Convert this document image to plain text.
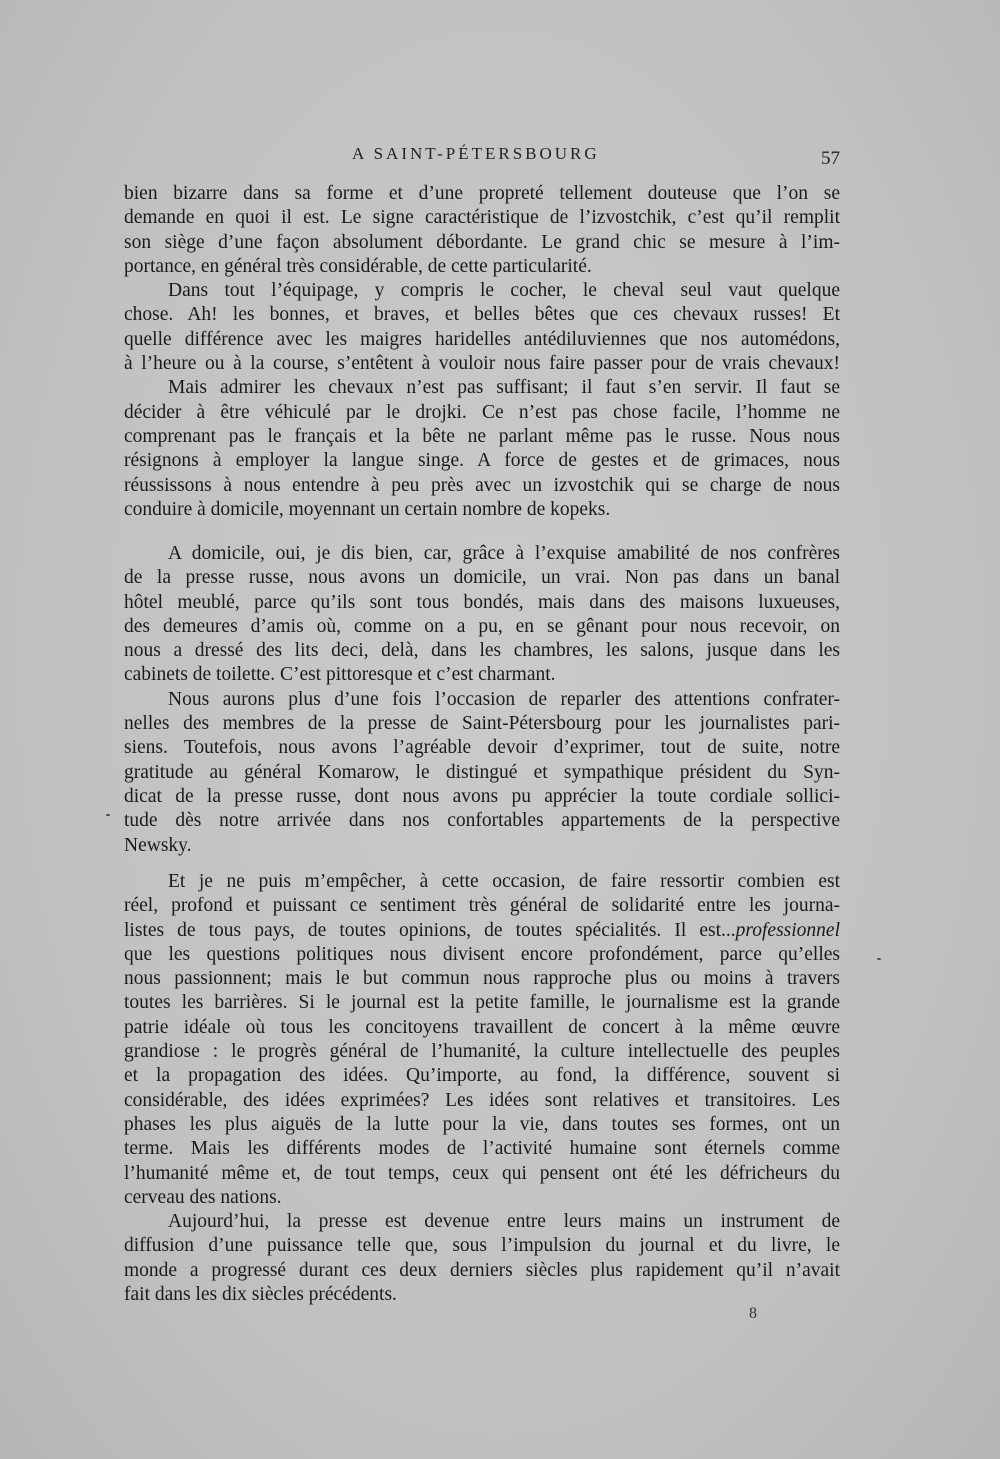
A SAINT-PÉTERSBOURG	57
bien bizarre dans sa forme et d’une propreté tellement douteuse que l’on se
demande en quoi il est. Le signe caractéristique de l’izvostchik, c’est qu’il remplit
son siège d’une façon absolument débordante. Le grand chic se mesure à l’im-
portance, en général très considérable, de cette particularité.
Dans tout l’équipage, y compris le cocher, le cheval seul vaut quelque
chose. Ah! les bonnes, et braves, et belles bêtes que ces chevaux russes! Et
quelle différence avec les maigres haridelles antédiluviennes que nos automédons,
à l’heure ou à la course, s’entêtent à vouloir nous faire passer pour de vrais chevaux!
Mais admirer les chevaux n’est pas suffisant; il faut s’en servir. Il faut se
décider à être véhiculé par le drojki. Ce n’est pas chose facile, l’homme ne
comprenant pas le français et la bête ne parlant même pas le russe. Nous nous
résignons à employer la langue singe. A force de gestes et de grimaces, nous
réussissons à nous entendre à peu près avec un izvostchik qui se charge de nous
conduire à domicile, moyennant un certain nombre de kopeks.
A domicile, oui, je dis bien, car, grâce à l’exquise amabilité de nos confrères
de la presse russe, nous avons un domicile, un vrai. Non pas dans un banal
hôtel meublé, parce qu’ils sont tous bondés, mais dans des maisons luxueuses,
des demeures d’amis où, comme on a pu, en se gênant pour nous recevoir, on
nous a dressé des lits deci, delà, dans les chambres, les salons, jusque dans les
cabinets de toilette. C’est pittoresque et c’est charmant.
Nous aurons plus d’une fois l’occasion de reparler des attentions confrater-
nelles des membres de la presse de Saint-Pétersbourg pour les journalistes pari-
siens. Toutefois, nous avons l’agréable devoir d’exprimer, tout de suite, notre
gratitude au général Komarow, le distingué et sympathique président du Syn-
dicat de la presse russe, dont nous avons pu apprécier la toute cordiale sollici-
tude dès notre arrivée dans nos confortables appartements de la perspective
Newsky.
Et je ne puis m’empêcher, à cette occasion, de faire ressortir combien est
réel, profond et puissant ce sentiment très général de solidarité entre les journa-
listes de tous pays, de toutes opinions, de toutes spécialités. Il est...professionnel
que les questions politiques nous divisent encore profondément, parce qu’elles
nous passionnent; mais le but commun nous rapproche plus ou moins à travers
toutes les barrières. Si le journal est la petite famille, le journalisme est la grande
patrie idéale où tous les concitoyens travaillent de concert à la même œuvre
grandiose : le progrès général de l’humanité, la culture intellectuelle des peuples
et la propagation des idées. Qu’importe, au fond, la différence, souvent si
considérable, des idées exprimées? Les idées sont relatives et transitoires. Les
phases les plus aiguës de la lutte pour la vie, dans toutes ses formes, ont un
terme. Mais les différents modes de l’activité humaine sont éternels comme
l’humanité même et, de tout temps, ceux qui pensent ont été les défricheurs du
cerveau des nations.
Aujourd’hui, la presse est devenue entre leurs mains un instrument de
diffusion d’une puissance telle que, sous l’impulsion du journal et du livre, le
monde a progressé durant ces deux derniers siècles plus rapidement qu’il n’avait
fait dans les dix siècles précédents.
8
